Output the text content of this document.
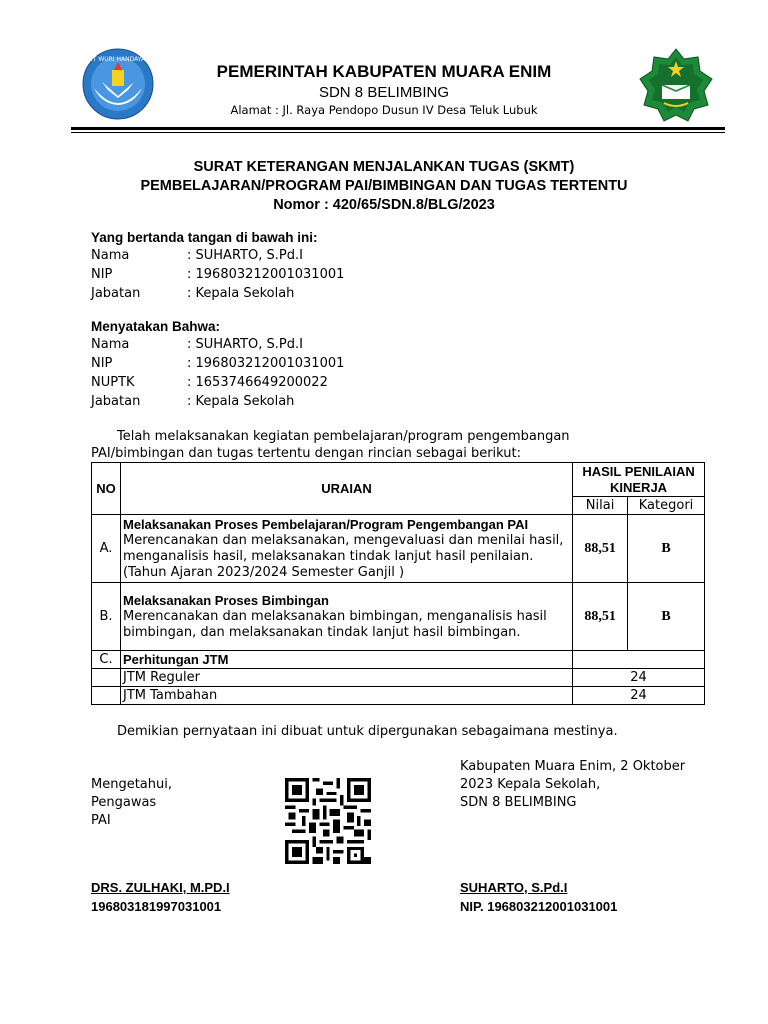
TUT WURI HANDAYANI
PEMERINTAH KABUPATEN MUARA ENIM
SDN 8 BELIMBING
Alamat : Jl. Raya Pendopo Dusun IV Desa Teluk Lubuk
SURAT KETERANGAN MENJALANKAN TUGAS (SKMT)
PEMBELAJARAN/PROGRAM PAI/BIMBINGAN DAN TUGAS TERTENTU
Nomor : 420/65/SDN.8/BLG/2023
Yang bertanda tangan di bawah ini:
Nama	: SUHARTO, S.Pd.I
NIP	: 196803212001031001
Jabatan	: Kepala Sekolah
Menyatakan Bahwa:
Nama	: SUHARTO, S.Pd.I
NIP	: 196803212001031001
NUPTK	: 1653746649200022
Jabatan	: Kepala Sekolah
Telah melaksanakan kegiatan pembelajaran/program pengembangan
PAI/bimbingan dan tugas tertentu dengan rincian sebagai berikut:
NO	URAIAN	HASIL PENILAIAN KINERJA	
		Nilai	Kategori
A.	Melaksanakan Proses Pembelajaran/Program Pengembangan PAI
Merencanakan dan melaksanakan, mengevaluasi dan menilai hasil, menganalisis hasil, melaksanakan tindak lanjut hasil penilaian. (Tahun Ajaran 2023/2024 Semester Ganjil )	88,51	B
B.	Melaksanakan Proses Bimbingan
Merencanakan dan melaksanakan bimbingan, menganalisis hasil bimbingan, dan melaksanakan tindak lanjut hasil bimbingan.	88,51	B
C.	Perhitungan JTM		
	JTM Reguler	24	
	JTM Tambahan	24	
Demikian pernyataan ini dibuat untuk dipergunakan sebagaimana mestinya.
Mengetahui,
Pengawas
PAI
DRS. ZULHAKI, M.PD.I
196803181997031001
Kabupaten Muara Enim, 2 Oktober
2023 Kepala Sekolah,
SDN 8 BELIMBING
SUHARTO, S.Pd.I
NIP. 196803212001031001
